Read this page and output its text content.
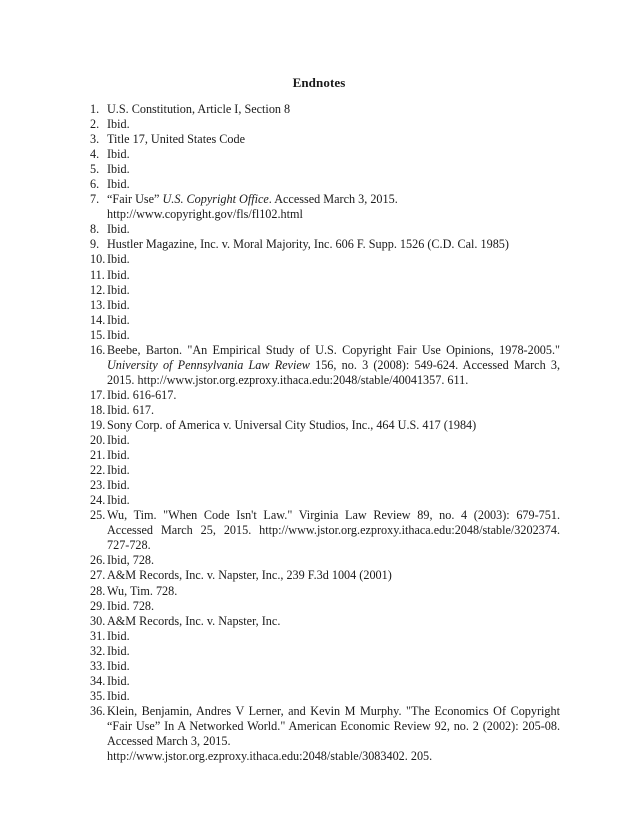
Endnotes
1. U.S. Constitution, Article I, Section 8
2. Ibid.
3. Title 17, United States Code
4. Ibid.
5. Ibid.
6. Ibid.
7. “Fair Use” U.S. Copyright Office. Accessed March 3, 2015.
http://www.copyright.gov/fls/fl102.html
8. Ibid.
9. Hustler Magazine, Inc. v. Moral Majority, Inc. 606 F. Supp. 1526 (C.D. Cal. 1985)
10. Ibid.
11. Ibid.
12. Ibid.
13. Ibid.
14. Ibid.
15. Ibid.
16. Beebe, Barton. "An Empirical Study of U.S. Copyright Fair Use Opinions, 1978-2005." University of Pennsylvania Law Review 156, no. 3 (2008): 549-624. Accessed March 3, 2015. http://www.jstor.org.ezproxy.ithaca.edu:2048/stable/40041357. 611.
17. Ibid. 616-617.
18. Ibid. 617.
19. Sony Corp. of America v. Universal City Studios, Inc., 464 U.S. 417 (1984)
20. Ibid.
21. Ibid.
22. Ibid.
23. Ibid.
24. Ibid.
25. Wu, Tim. "When Code Isn't Law." Virginia Law Review 89, no. 4 (2003): 679-751. Accessed March 25, 2015. http://www.jstor.org.ezproxy.ithaca.edu:2048/stable/3202374. 727-728.
26. Ibid, 728.
27. A&M Records, Inc. v. Napster, Inc., 239 F.3d 1004 (2001)
28. Wu, Tim. 728.
29. Ibid. 728.
30. A&M Records, Inc. v. Napster, Inc.
31. Ibid.
32. Ibid.
33. Ibid.
34. Ibid.
35. Ibid.
36. Klein, Benjamin, Andres V Lerner, and Kevin M Murphy. "The Economics Of Copyright “Fair Use” In A Networked World." American Economic Review 92, no. 2 (2002): 205-08. Accessed March 3, 2015.
http://www.jstor.org.ezproxy.ithaca.edu:2048/stable/3083402. 205.
